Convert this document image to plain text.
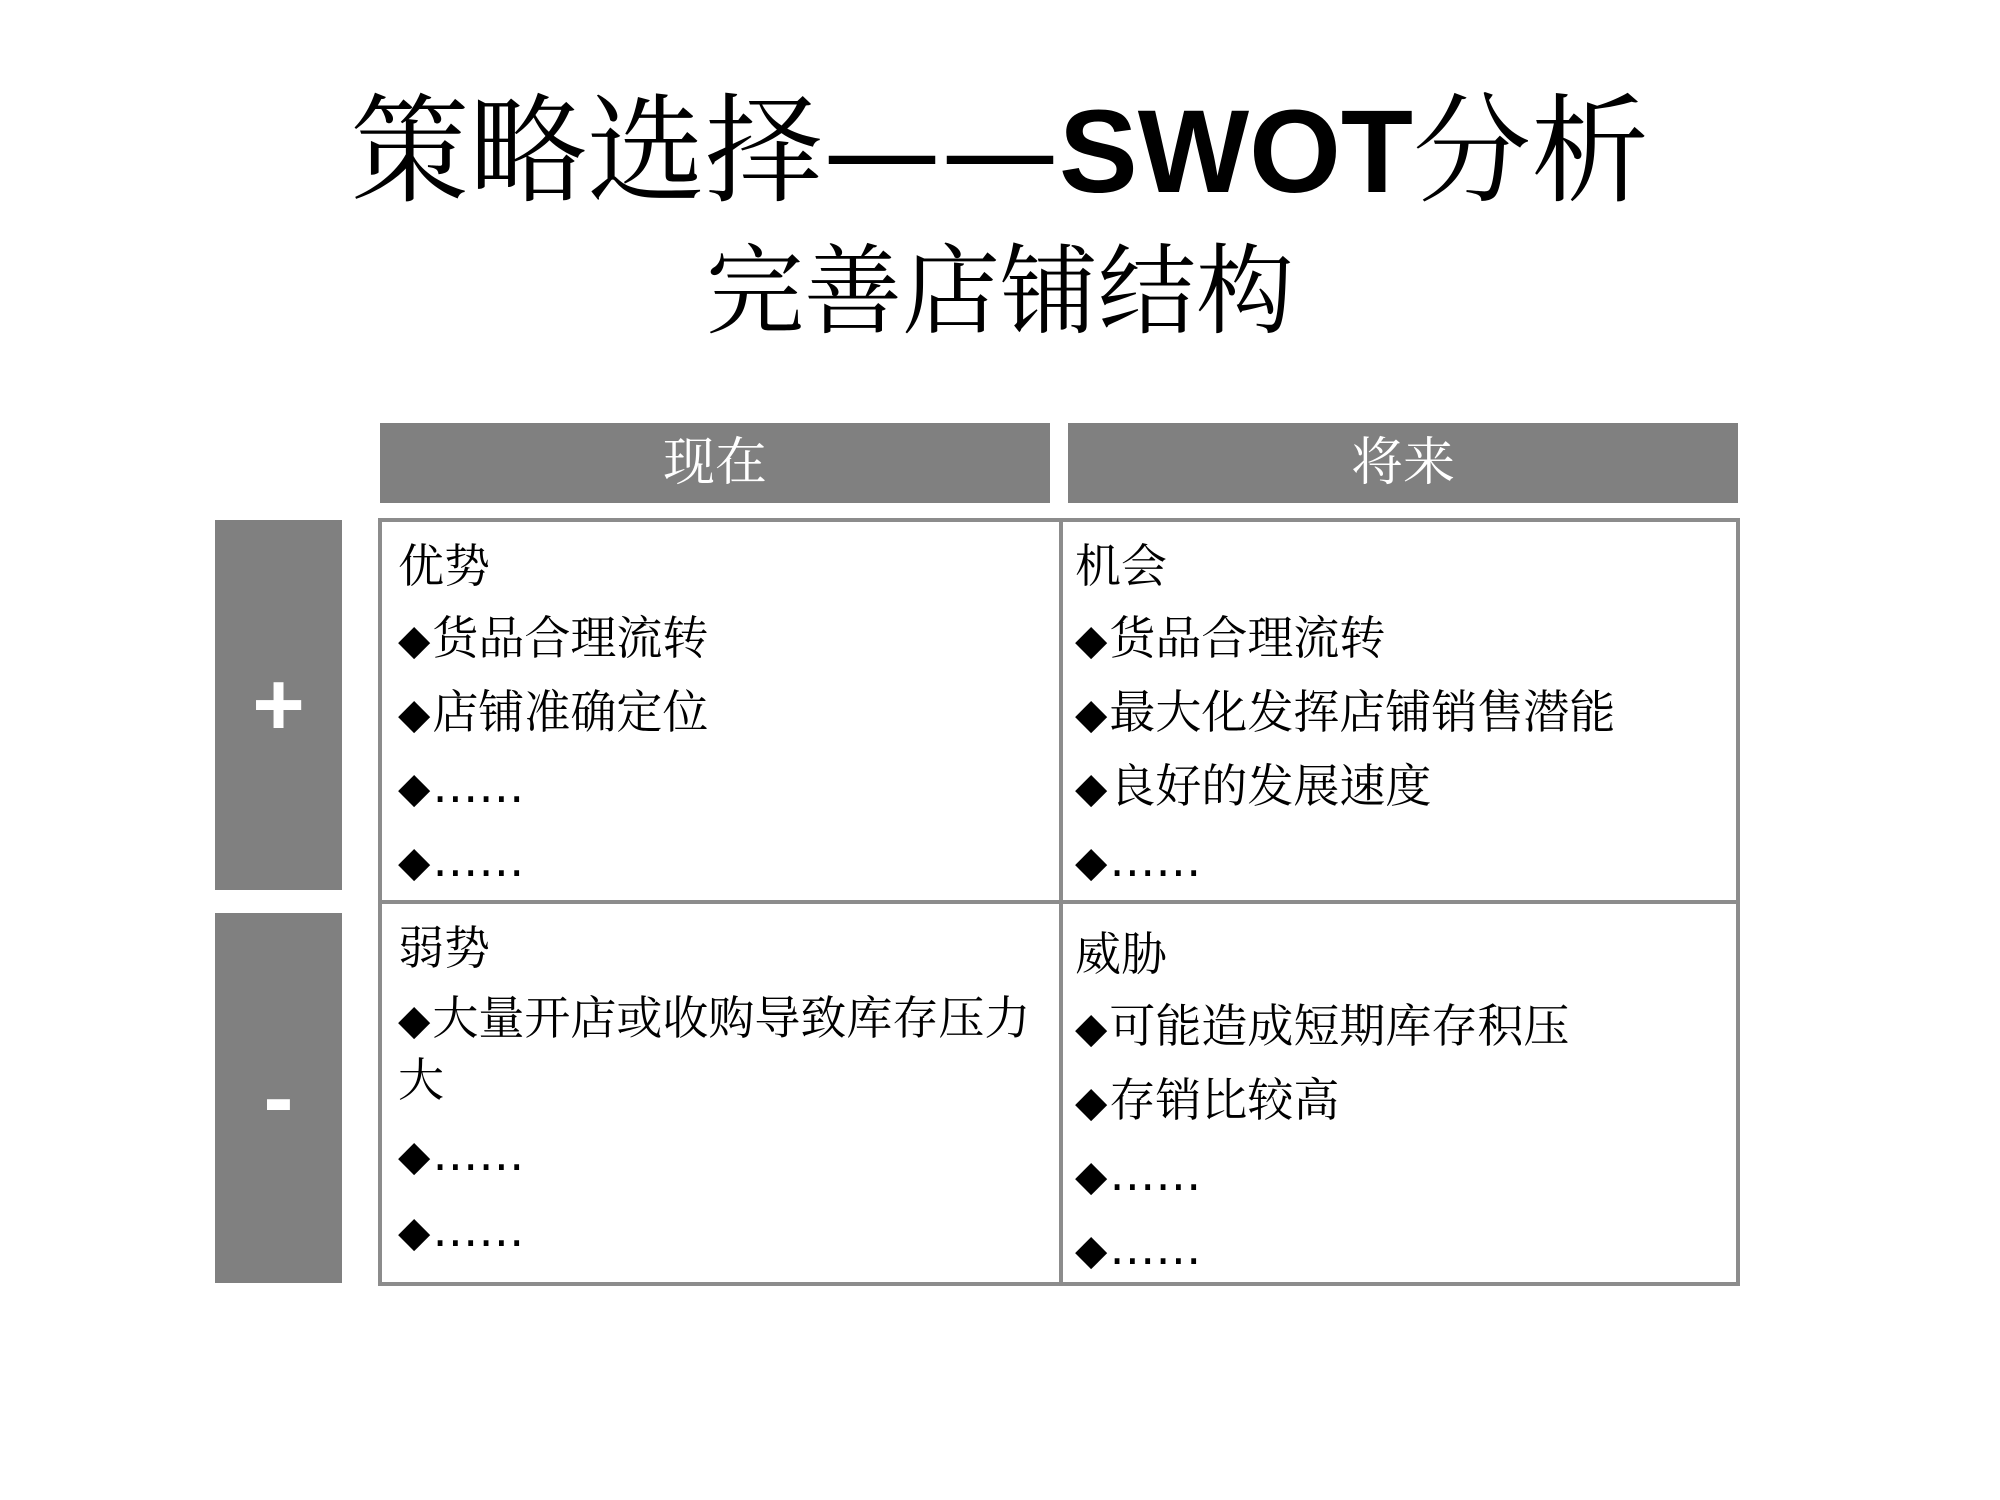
策略选择——SWOT分析
完善店铺结构
现在	将来
+
-
优势
◆货品合理流转
◆店铺准确定位
◆……
◆……
机会
◆货品合理流转
◆最大化发挥店铺销售潜能
◆良好的发展速度
◆……
弱势
◆大量开店或收购导致库存压力大
◆……
◆……
威胁
◆可能造成短期库存积压
◆存销比较高
◆……
◆……
